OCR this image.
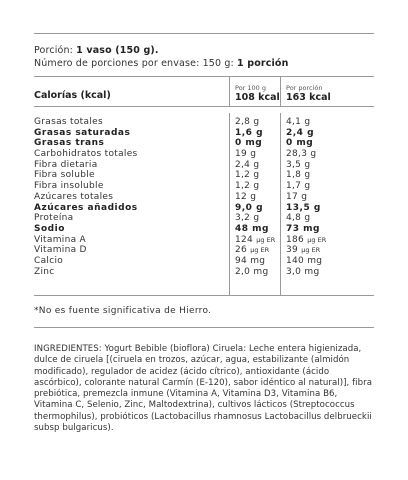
Porción: 1 vaso (150 g).
Número de porciones por envase: 150 g: 1 porción
Calorías (kcal)
Por 100 g
108 kcal
Por porción
163 kcal
Grasas totales	2,8 g	4,1 g
Grasas saturadas	1,6 g	2,4 g
Grasas trans	0 mg	0 mg
Carbohidratos totales	19 g	28,3 g
Fibra dietaria	2,4 g	3,5 g
Fibra soluble	1,2 g	1,8 g
Fibra insoluble	1,2 g	1,7 g
Azúcares totales	12 g	17 g
Azúcares añadidos	9,0 g	13,5 g
Proteína	3,2 g	4,8 g
Sodio	48 mg 73 mg
Vitamina A	124 μg ER 186 μg ER
Vitamina D	26 μg ER 39 μg ER
Calcio	94 mg 140 mg
Zinc	2,0 mg 3,0 mg
*No es fuente significativa de Hierro.
INGREDIENTES: Yogurt Bebible (bioflora) Ciruela: Leche entera higienizada, dulce de ciruela [(ciruela en trozos, azúcar, agua, estabilizante (almidón modificado), regulador de acidez (ácido cítrico), antioxidante (ácido ascórbico), colorante natural Carmín (E-120), sabor idéntico al natural)], fibra prebiótica, premezcla inmune (Vitamina A, Vitamina D3, Vitamina B6, Vitamina C, Selenio, Zinc, Maltodextrina), cultivos lácticos (Streptococcus thermophilus), probióticos (Lactobacillus rhamnosus Lactobacillus delbrueckii subsp bulgaricus).
